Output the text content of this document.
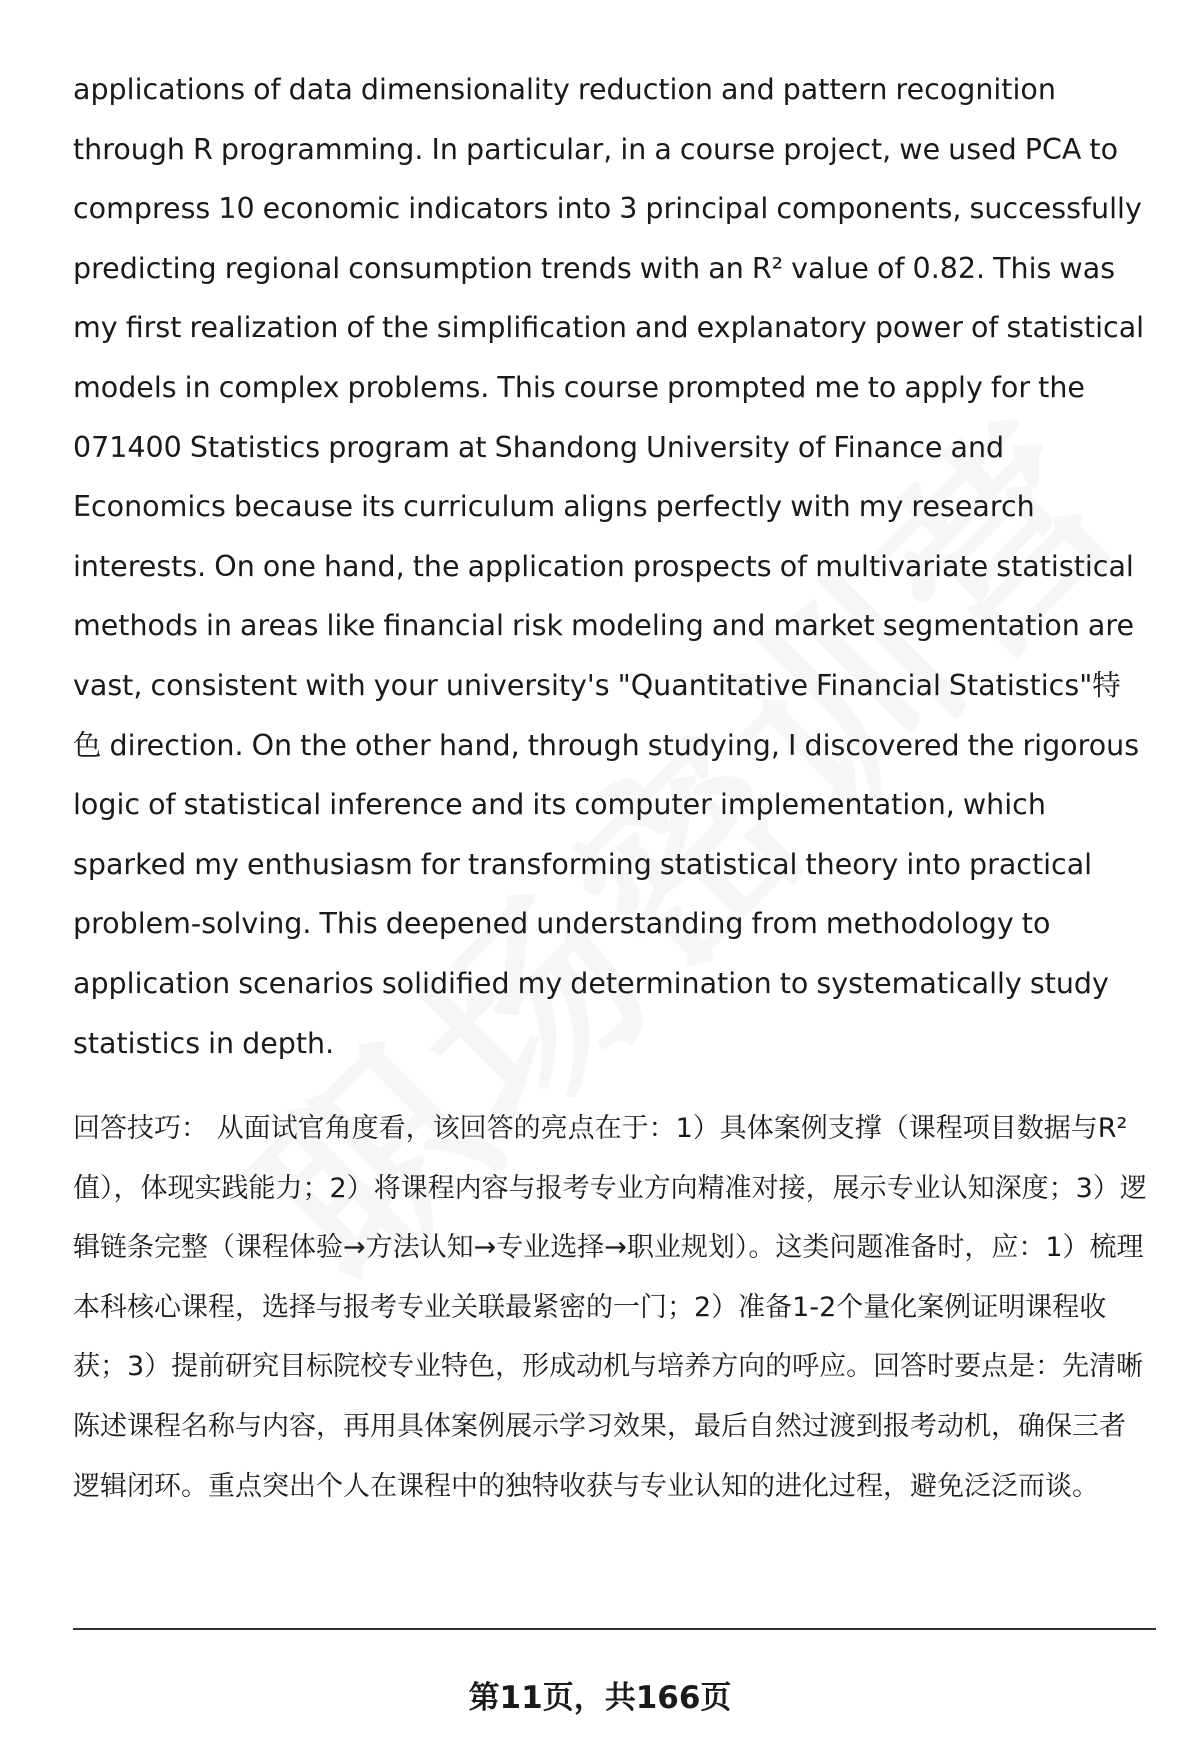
applications of data dimensionality reduction and pattern recognition through R programming. In particular, in a course project, we used PCA to compress 10 economic indicators into 3 principal components, successfully predicting regional consumption trends with an R² value of 0.82. This was my first realization of the simplification and explanatory power of statistical models in complex problems. This course prompted me to apply for the 071400 Statistics program at Shandong University of Finance and Economics because its curriculum aligns perfectly with my research interests. On one hand, the application prospects of multivariate statistical methods in areas like financial risk modeling and market segmentation are vast, consistent with your university's "Quantitative Financial Statistics"特色 direction. On the other hand, through studying, I discovered the rigorous logic of statistical inference and its computer implementation, which sparked my enthusiasm for transforming statistical theory into practical problem-solving. This deepened understanding from methodology to application scenarios solidified my determination to systematically study statistics in depth.

回答技巧： 从面试官角度看，该回答的亮点在于：1）具体案例支撑（课程项目数据与R²值），体现实践能力；2）将课程内容与报考专业方向精准对接，展示专业认知深度；3）逻辑链条完整（课程体验→方法认知→专业选择→职业规划）。这类问题准备时，应：1）梳理本科核心课程，选择与报考专业关联最紧密的一门；2）准备1-2个量化案例证明课程收获；3）提前研究目标院校专业特色，形成动机与培养方向的呼应。回答时要点是：先清晰陈述课程名称与内容，再用具体案例展示学习效果，最后自然过渡到报考动机，确保三者逻辑闭环。重点突出个人在课程中的独特收获与专业认知的进化过程，避免泛泛而谈。

第11页，共166页
